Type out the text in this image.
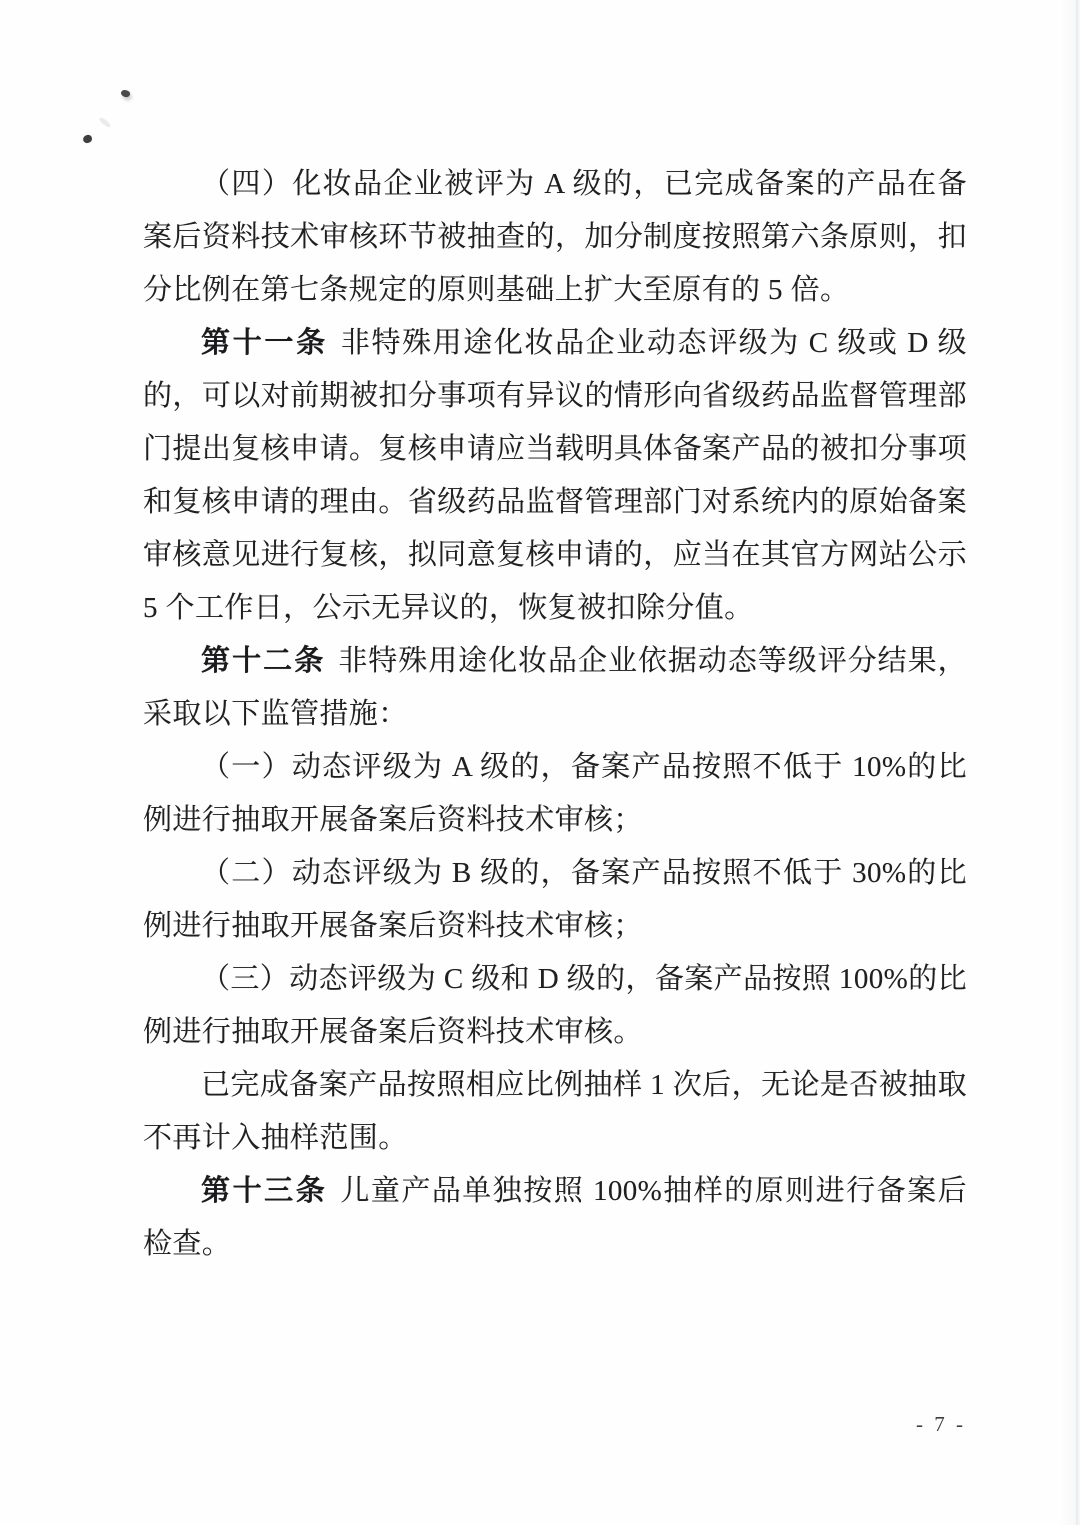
（四）化妆品企业被评为 A 级的，已完成备案的产品在备案后资料技术审核环节被抽查的，加分制度按照第六条原则，扣分比例在第七条规定的原则基础上扩大至原有的 5 倍。

第十一条 非特殊用途化妆品企业动态评级为 C 级或 D 级的，可以对前期被扣分事项有异议的情形向省级药品监督管理部门提出复核申请。复核申请应当载明具体备案产品的被扣分事项和复核申请的理由。省级药品监督管理部门对系统内的原始备案审核意见进行复核，拟同意复核申请的，应当在其官方网站公示 5 个工作日，公示无异议的，恢复被扣除分值。

第十二条 非特殊用途化妆品企业依据动态等级评分结果，采取以下监管措施：

（一）动态评级为 A 级的，备案产品按照不低于 10%的比例进行抽取开展备案后资料技术审核；

（二）动态评级为 B 级的，备案产品按照不低于 30%的比例进行抽取开展备案后资料技术审核；

（三）动态评级为 C 级和 D 级的，备案产品按照 100%的比例进行抽取开展备案后资料技术审核。

已完成备案产品按照相应比例抽样 1 次后，无论是否被抽取不再计入抽样范围。

第十三条 儿童产品单独按照 100%抽样的原则进行备案后检查。

- 7 -
